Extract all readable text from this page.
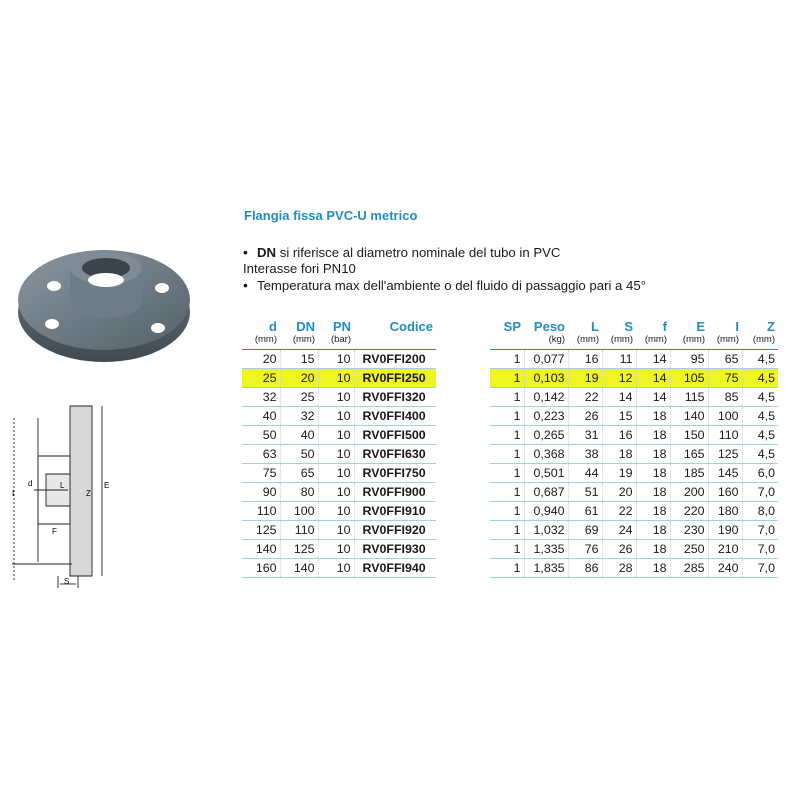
I
d	L
Z
E
F
S
Flangia fissa PVC-U metrico
• DN si riferisce al diametro nominale del tubo in PVC
Interasse fori PN10
• Temperatura max dell'ambiente o del fluido di passaggio pari a 45°
d	DN	PN	Codice
(mm)	(mm)	(bar)	
20	15	10	RV0FFI200
25	20	10	RV0FFI250
32	25	10	RV0FFI320
40	32	10	RV0FFI400
50	40	10	RV0FFI500
63	50	10	RV0FFI630
75	65	10	RV0FFI750
90	80	10	RV0FFI900
110	100	10	RV0FFI910
125	110	10	RV0FFI920
140	125	10	RV0FFI930
160	140	10	RV0FFI940
SP	Peso	L	S	f	E	I	Z
	(kg)	(mm)	(mm)	(mm)	(mm)	(mm)	(mm)
1	0,077	16	11	14	95	65	4,5
1	0,103	19	12	14	105	75	4,5
1	0,142	22	14	14	115	85	4,5
1	0,223	26	15	18	140	100	4,5
1	0,265	31	16	18	150	110	4,5
1	0,368	38	18	18	165	125	4,5
1	0,501	44	19	18	185	145	6,0
1	0,687	51	20	18	200	160	7,0
1	0,940	61	22	18	220	180	8,0
1	1,032	69	24	18	230	190	7,0
1	1,335	76	26	18	250	210	7,0
1	1,835	86	28	18	285	240	7,0
